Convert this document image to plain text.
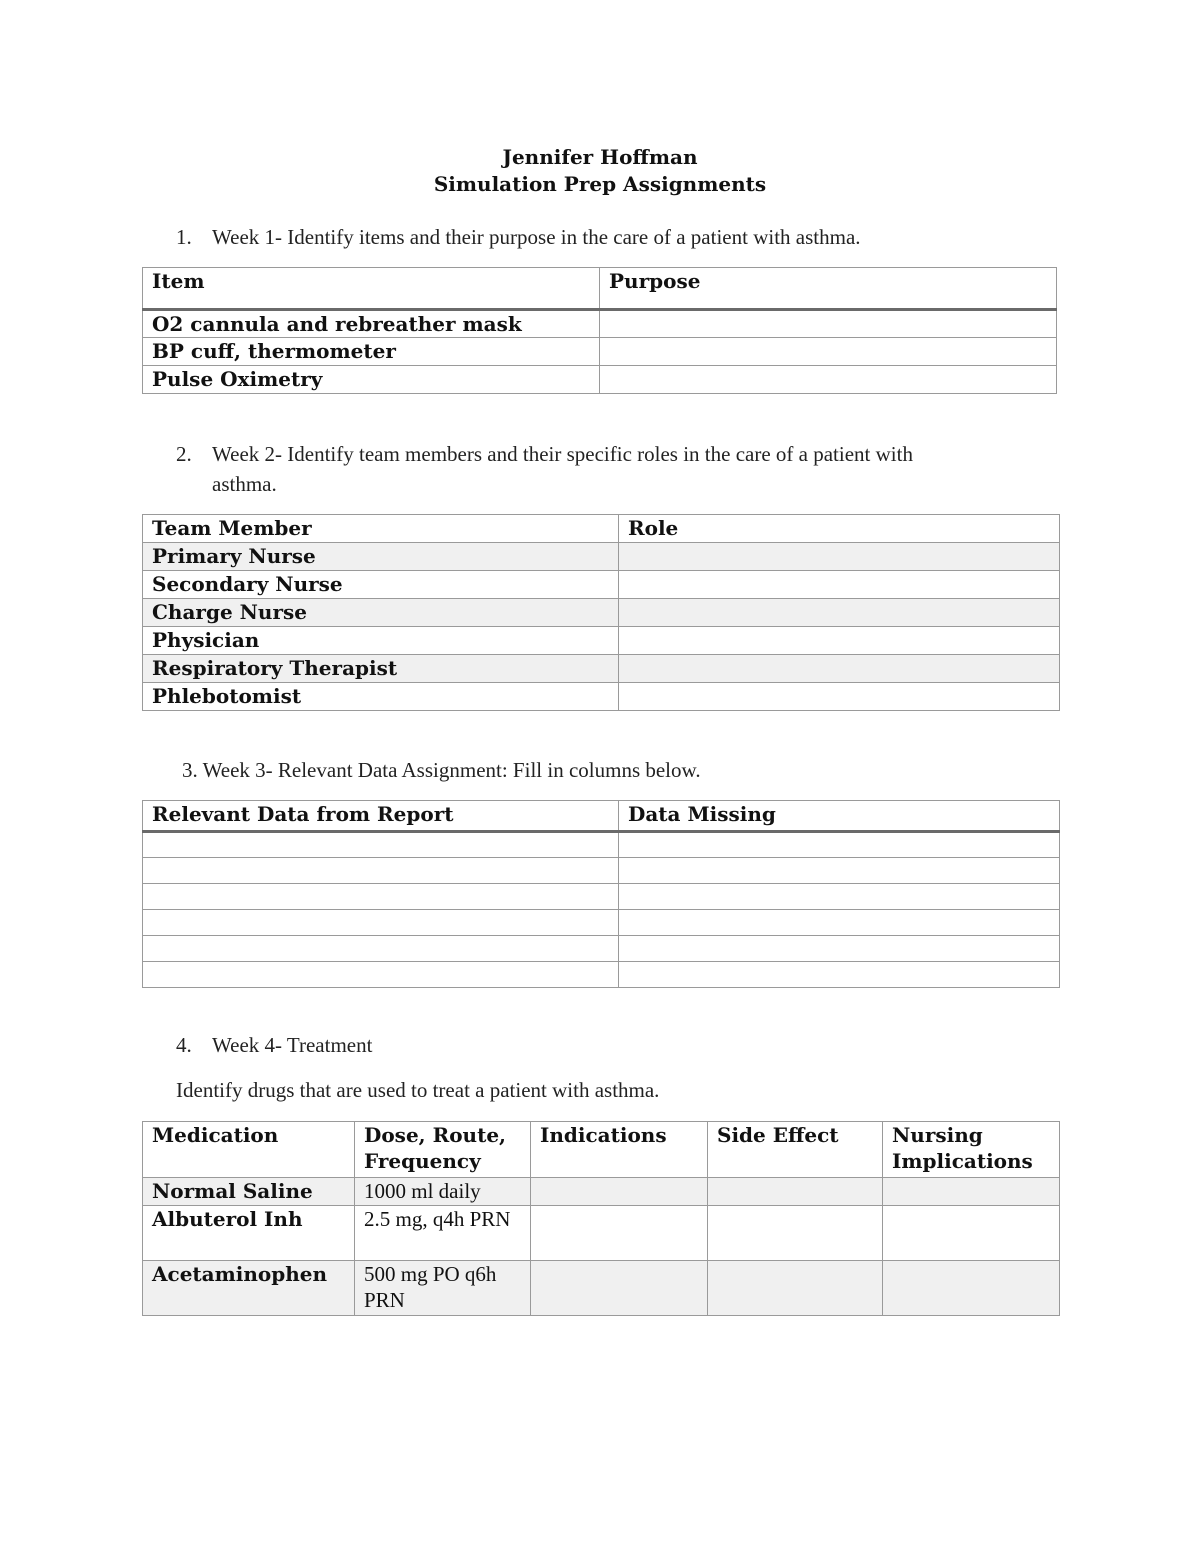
Jennifer Hoffman
Simulation Prep Assignments
1. Week 1- Identify items and their purpose in the care of a patient with asthma.
Item	Purpose
O2 cannula and rebreather mask	
BP cuff, thermometer	
Pulse Oximetry	
2. Week 2- Identify team members and their specific roles in the care of a patient with
asthma.
Team Member	Role
Primary Nurse	
Secondary Nurse	
Charge Nurse	
Physician	
Respiratory Therapist	
Phlebotomist	
3. Week 3- Relevant Data Assignment: Fill in columns below.
Relevant Data from Report	Data Missing

4. Week 4- Treatment
Identify drugs that are used to treat a patient with asthma.
Medication	Dose, Route, Frequency	Indications	Side Effect	Nursing Implications
Normal Saline	1000 ml daily			
Albuterol Inh	2.5 mg, q4h PRN			
Acetaminophen	500 mg PO q6h PRN			
